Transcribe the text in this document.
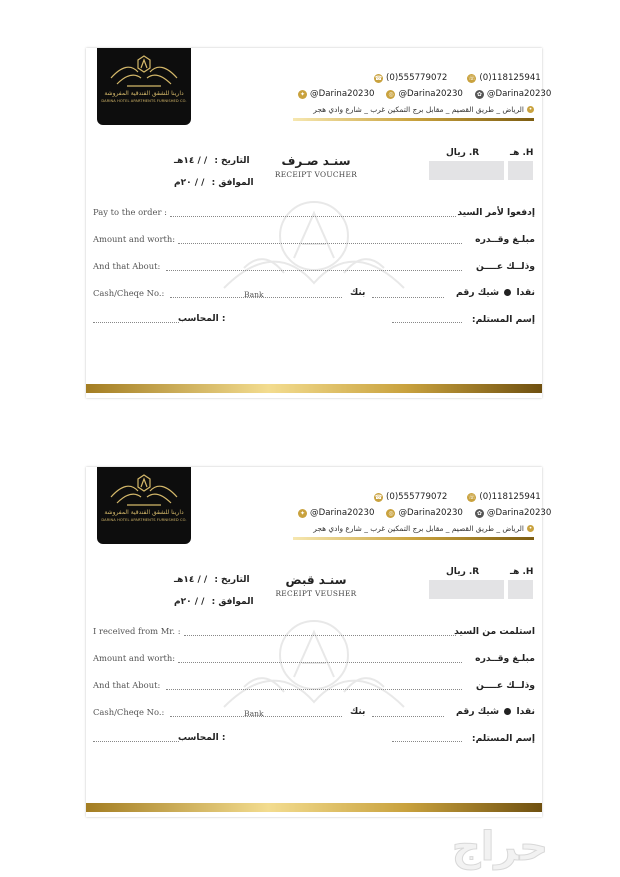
دارينا للشقق الفندقية المفروشة
DARINA HOTEL APARTMENTS FURNISHED CO.
☎ (0)555779072	☏ (0)118125941
✦ @Darina20230	◎ @Darina20230	✿ @Darina20230
الرياض _ طريق القصيم _ مقابل برج التمكين غرب _ شارع وادي هجر •
هـ .H
ريال .R
سنـد صـرف
RECEIPT VOUCHER
التاريخ : / / ١٤هـ
الموافق : / / ٢٠م
Pay to the order :	إدفعوا لأمر السيد
Amount and worth:	مبلـغ وقــدره
And that About:	وذلــك عــــن
Cash/Cheqe No.:	Bank	بنك	نقدا  شيك رقم
المحاسب :	إسم المستلم:
دارينا للشقق الفندقية المفروشة
DARINA HOTEL APARTMENTS FURNISHED CO.
☎ (0)555779072	☏ (0)118125941
✦ @Darina20230	◎ @Darina20230	✿ @Darina20230
الرياض _ طريق القصيم _ مقابل برج التمكين غرب _ شارع وادي هجر •
هـ .H
ريال .R
سنـد قبض
RECEIPT VEUSHER
التاريخ : / / ١٤هـ
الموافق : / / ٢٠م
I received from Mr. :	استلمت من السيد
Amount and worth:	مبلـغ وقــدره
And that About:	وذلــك عــــن
Cash/Cheqe No.:	Bank	بنك	نقدا  شيك رقم
المحاسب :	إسم المستلم:
حراج
